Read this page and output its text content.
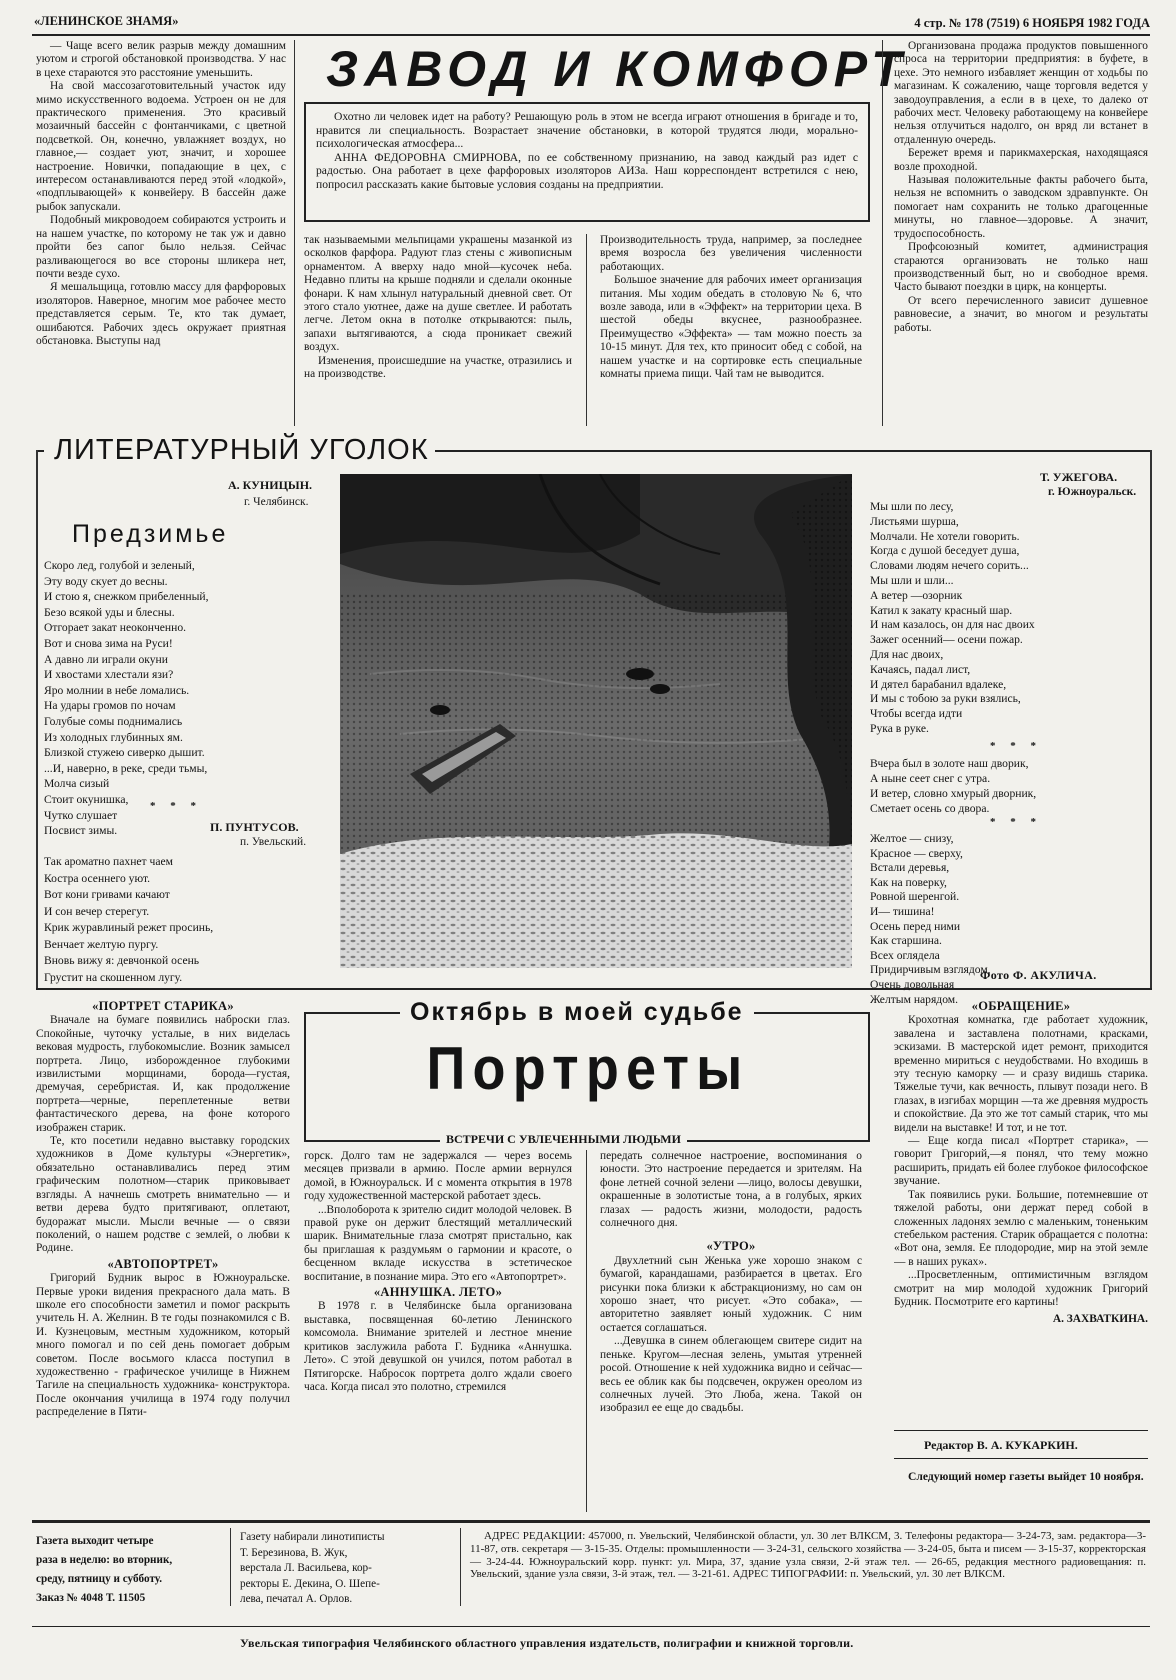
«ЛЕНИНСКОЕ ЗНАМЯ»	4 стр. № 178 (7519) 6 НОЯБРЯ 1982 ГОДА
ЗАВОД И КОМФОРТ

Охотно ли человек идет на работу? Решающую роль в этом не всегда играют отношения в бригаде и то, нравится ли специальность. Возрастает значение обстановки, в которой трудятся люди, морально-психологическая атмосфера...

АННА ФЕДОРОВНА СМИРНОВА, по ее собственному признанию, на завод каждый раз идет с радостью. Она работает в цехе фарфоровых изоляторов АИЗа. Наш корреспондент встретился с нею, попросил рассказать какие бытовые условия созданы на предприятии.

— Чаще всего велик разрыв между домашним уютом и строгой обстановкой производства. У нас в цехе стараются это расстояние уменьшить.

На свой массозаготовительный участок иду мимо искусственного водоема. Устроен он не для практического применения. Это красивый мозаичный бассейн с фонтанчиками, с цветной подсветкой. Он, конечно, увлажняет воздух, но главное,— создает уют, значит, и хорошее настроение. Новички, попадающие в цех, с интересом останавливаются перед этой «лодкой», «подплывающей» к конвейеру. В бассейн даже рыбок запускали.

Подобный микроводоем собираются устроить и на нашем участке, по которому не так уж и давно пройти без сапог было нельзя. Сейчас разливающегося во все стороны шликера нет, почти везде сухо.

Я мешальщица, готовлю массу для фарфоровых изоляторов. Наверное, многим мое рабочее место представляется серым. Те, кто так думает, ошибаются. Рабочих здесь окружает приятная обстановка. Выступы над

так называемыми мельпицами украшены мазанкой из осколков фарфора. Радуют глаз стены с живописным орнаментом. А вверху надо мной—кусочек неба. Недавно плиты на крыше подняли и сделали оконные фонари. К нам хлынул натуральный дневной свет. От этого стало уютнее, даже на душе светлее. И работать легче. Летом окна в потолке открываются: пыль, запахи вытягиваются, а сюда проникает свежий воздух.

Изменения, происшедшие на участке, отразились и на производстве.

Производительность труда, например, за последнее время возросла без увеличения численности работающих.

Большое значение для рабочих имеет организация питания. Мы ходим обедать в столовую № 6, что возле завода, или в «Эффект» на территории цеха. В шестой обеды вкуснее, разнообразнее. Преимущество «Эффекта» — там можно поесть за 10-15 минут. Для тех, кто приносит обед с собой, на нашем участке и на сортировке есть специальные комнаты приема пищи. Чай там не выводится.

Организована продажа продуктов повышенного спроса на территории предприятия: в буфете, в цехе. Это немного избавляет женщин от ходьбы по магазинам. К сожалению, чаще торговля ведется у заводоуправления, а если в в цехе, то далеко от рабочих мест. Человеку работающему на конвейере нельзя отлучиться надолго, он вряд ли встанет в отдаленную очередь.

Бережет время и парикмахерская, находящаяся возле проходной.

Называя положительные факты рабочего быта, нельзя не вспомнить о заводском здравпункте. Он помогает нам сохранить не только драгоценные минуты, но главное—здоровье. А значит, трудоспособность.

Профсоюзный комитет, администрация стараются организовать не только наш производственный быт, но и свободное время. Часто бывают поездки в цирк, на концерты.

От всего перечисленного зависит душевное равновесие, а значит, во многом и результаты работы.

ЛИТЕРАТУРНЫЙ УГОЛОК
А. КУНИЦЫН.
г. Челябинск.
Предзимье
Скоро лед, голубой и зеленый,
Эту воду скует до весны.
И стою я, снежком прибеленный,
Безо всякой уды и блесны.
Отгорает закат неоконченно.
Вот и снова зима на Руси!
А давно ли играли окуни
И хвостами хлестали язи?
Яро молнии в небе ломались.
На удары громов по ночам
Голубые сомы поднимались
Из холодных глубинных ям.
Близкой стужею сиверко дышит.
...И, наверно, в реке, среди тьмы,
Молча сизый
Стоит окунишка,
Чутко слушает
Посвист зимы.
* * *
П. ПУНТУСОВ.
п. Увельский.
Так ароматно пахнет чаем
Костра осеннего уют.
Вот кони гривами качают
И сон вечер стерегут.
Крик журавлиный режет просинь,
Венчает желтую пургу.
Вновь вижу я: девчонкой осень
Грустит на скошенном лугу.	Фото Ф. АКУЛИЧА.
Т. УЖЕГОВА.
г. Южноуральск.
Мы шли по лесу,
Листьями шурша,
Молчали. Не хотели говорить.
Когда с душой беседует душа,
Словами людям нечего сорить...
Мы шли и шли...
А ветер —озорник
Катил к закату красный шар.
И нам казалось, он для нас двоих
Зажег осенний— осени пожар.
Для нас двоих,
Качаясь, падал лист,
И дятел барабанил вдалеке,
И мы с тобою за руки взялись,
Чтобы всегда идти
Рука в руке.
* * *
Вчера был в золоте наш дворик,
А ныне сеет снег с утра.
И ветер, словно хмурый дворник,
Сметает осень со двора.
* * *
Желтое — снизу,
Красное — сверху,
Встали деревья,
Как на поверку,
Ровной шеренгой.
И— тишина!
Осень перед ними
Как старшина.
Всех оглядела
Придирчивым взглядом,
Очень довольная
Желтым нарядом.
«ПОРТРЕТ СТАРИКА»

Вначале на бумаге появились наброски глаз. Спокойные, чуточку усталые, в них виделась вековая мудрость, глубокомыслие. Возник замысел портрета. Лицо, изборожденное глубокими извилистыми морщинами, борода—густая, дремучая, серебристая. И, как продолжение портрета—черные, переплетенные ветви фантастического дерева, на фоне которого изображен старик.

Те, кто посетили недавно выставку городских художников в Доме культуры «Энергетик», обязательно останавливались перед этим графическим полотном—старик приковывает взгляды. А начнешь смотреть внимательно — и ветви дерева будто притягивают, оплетают, будоражат мысли. Мысли вечные — о связи поколений, о нашем родстве с землей, о любви к Родине.

«АВТОПОРТРЕТ»

Григорий Будник вырос в Южноуральске. Первые уроки видения прекрасного дала мать. В школе его способности заметил и помог раскрыть учитель Н. А. Желнин. В те годы познакомился с В. И. Кузнецовым, местным художником, который много помогал и по сей день помогает добрым советом. После восьмого класса поступил в художественно - графическое училище в Нижнем Тагиле на специальность художника- конструктора. После окончания училища в 1974 году получил распределение в Пяти-

Октябрь в моей судьбе
Портреты
ВСТРЕЧИ С УВЛЕЧЕННЫМИ ЛЮДЬМИ

горск. Долго там не задержался — через восемь месяцев призвали в армию. После армии вернулся домой, в Южноуральск. И с момента открытия в 1978 году художественной мастерской работает здесь.

...Вполоборота к зрителю сидит молодой человек. В правой руке он держит блестящий металлический шарик. Внимательные глаза смотрят пристально, как бы приглашая к раздумьям о гармонии и красоте, о бесценном вкладе искусства в эстетическое воспитание, в познание мира. Это его «Автопортрет».

«АННУШКА. ЛЕТО»

В 1978 г. в Челябинске была организована выставка, посвященная 60-летию Ленинского комсомола. Внимание зрителей и лестное мнение критиков заслужила работа Г. Будника «Аннушка. Лето». С этой девушкой он учился, потом работал в Пятигорске. Набросок портрета долго ждали своего часа. Когда писал это полотно, стремился

передать солнечное настроение, воспоминания о юности. Это настроение передается и зрителям. На фоне летней сочной зелени —лицо, волосы девушки, окрашенные в золотистые тона, а в голубых, ярких глазах — радость жизни, молодости, радость солнечного дня.

«УТРО»

Двухлетний сын Женька уже хорошо знаком с бумагой, карандашами, разбирается в цветах. Его рисунки пока близки к абстракционизму, но сам он хорошо знает, что рисует. «Это собака», —авторитетно заявляет юный художник. С ним остается соглашаться.

...Девушка в синем облегающем свитере сидит на пеньке. Кругом—лесная зелень, умытая утренней росой. Отношение к ней художника видно и сейчас— весь ее облик как бы подсвечен, окружен ореолом из солнечных лучей. Это Люба, жена. Такой он изобразил ее еще до свадьбы.

«ОБРАЩЕНИЕ»

Крохотная комнатка, где работает художник, завалена и заставлена полотнами, красками, эскизами. В мастерской идет ремонт, приходится временно мириться с неудобствами. Но входишь в эту тесную каморку — и сразу видишь старика. Тяжелые тучи, как вечность, плывут позади него. В глазах, в изгибах морщин —та же древняя мудрость и спокойствие. Да это же тот самый старик, что мы видели на выставке! И тот, и не тот.

— Еще когда писал «Портрет старика», —говорит Григорий,—я понял, что тему можно расширить, придать ей более глубокое философское звучание.

Так появились руки. Большие, потемневшие от тяжелой работы, они держат перед собой в сложенных ладонях землю с маленьким, тоненьким стебельком растения. Старик обращается с полотна: «Вот она, земля. Ее плодородие, мир на этой земле— в наших руках».

...Просветленным, оптимистичным взглядом смотрит на мир молодой художник Григорий Будник. Посмотрите его картины!

А. ЗАХВАТКИНА.
Редактор В. А. КУКАРКИН.
Следующий номер газеты выйдет 10 ноября.
Газета выходит четыре
раза в неделю: во вторник,
среду, пятницу и субботу.
Заказ № 4048 Т. 11505
Газету набирали линотиписты
Т. Березинова, В. Жук,
верстала Л. Васильева, кор-
ректоры Е. Декина, О. Шепе-
лева, печатал А. Орлов.
АДРЕС РЕДАКЦИИ: 457000, п. Увельский, Челябинской области, ул. 30 лет ВЛКСМ, 3. Телефоны редактора— 3-24-73, зам. редактора—3-11-87, отв. секретаря — 3-15-35. Отделы: промышленности — 3-24-31, сельского хозяйства — 3-24-05, быта и писем — 3-15-37, корректорская — 3-24-44. Южноуральский корр. пункт: ул. Мира, 37, здание узла связи, 2-й этаж тел. — 26-65, редакция местного радиовещания: п. Увельский, здание узла связи, 3-й этаж, тел. — 3-21-61. АДРЕС ТИПОГРАФИИ: п. Увельский, ул. 30 лет ВЛКСМ.
Увельская типография Челябинского областного управления издательств, полиграфии и книжной торговли.
